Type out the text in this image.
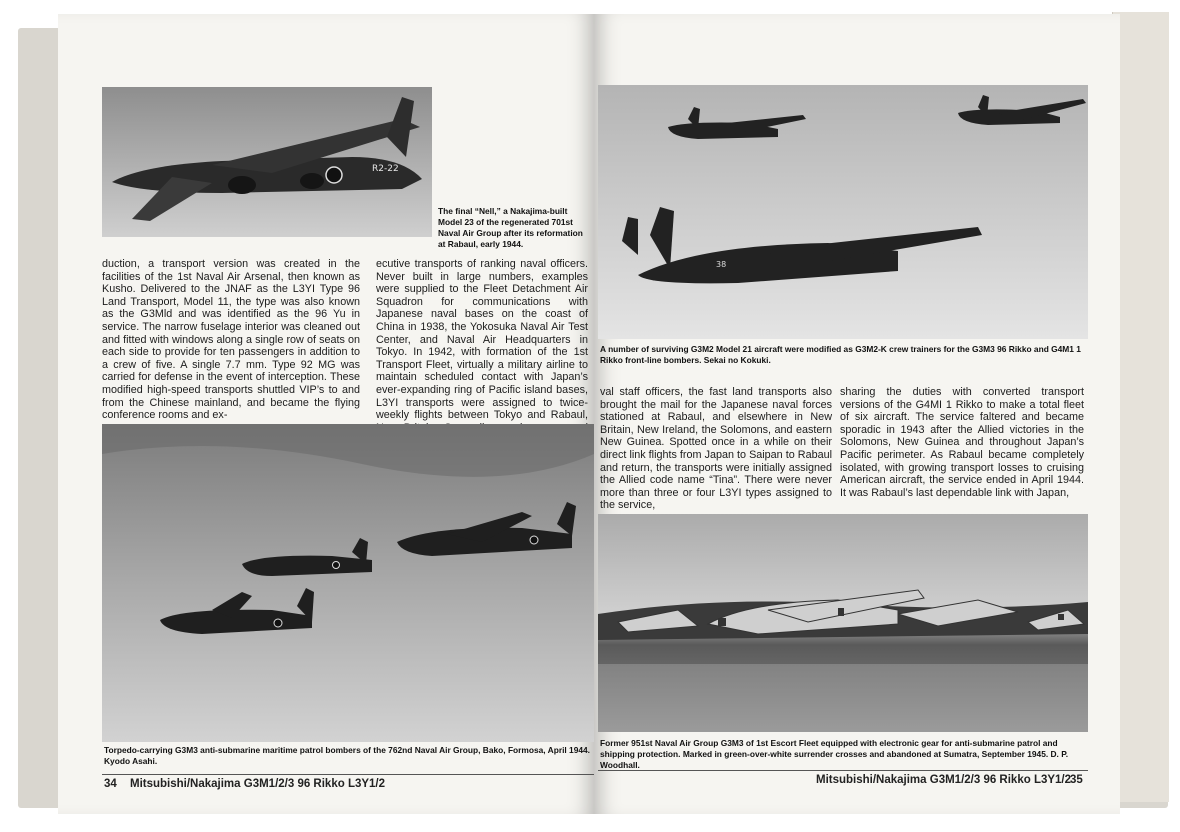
R2-22
The final “Nell,” a Nakajima-built Model 23 of the regenerated 701st Naval Air Group after its reformation at Rabaul, early 1944.
duction, a transport version was created in the facilities of the 1st Naval Air Arsenal, then known as Kusho. Delivered to the JNAF as the L3YI Type 96 Land Transport, Model 11, the type was also known as the G3Mld and was identified as the 96 Yu in service. The narrow fuselage interior was cleaned out and fitted with windows along a single row of seats on each side to provide for ten passengers in addition to a crew of five. A single 7.7 mm. Type 92 MG was carried for defense in the event of interception. These modified high-speed transports shuttled VIP’s to and from the Chinese mainland, and became the flying conference rooms and ex-
ecutive transports of ranking naval officers. Never built in large numbers, examples were supplied to the Fleet Detachment Air Squadron for communications with Japanese naval bases on the coast of China in 1938, the Yokosuka Naval Air Test Center, and Naval Air Headquarters in Tokyo. In 1942, with formation of the 1st Transport Fleet, virtually a military airline to maintain scheduled contact with Japan’s ever-expanding ring of Pacific island bases, L3YI transports were assigned to twice-weekly flights between Tokyo and Rabaul,
Torpedo-carrying G3M3 anti-submarine maritime patrol bombers of the 762nd Naval Air Group, Bako, Formosa, April 1944. Kyodo Asahi.
34 Mitsubishi/Nakajima G3M1/2/3 96 Rikko L3Y1/2
38
A number of surviving G3M2 Model 21 aircraft were modified as G3M2-K crew trainers for the G3M3 96 Rikko and G4M1 1 Rikko front-line bombers. Sekai no Kokuki.
val staff officers, the fast land transports also brought the mail for the Japanese naval forces stationed at Rabaul, and elsewhere in New Britain, New Ireland, the Solomons, and eastern New Guinea. Spotted once in a while on their direct link flights from Japan to Saipan to Rabaul and return, the transports were initially assigned the Allied code name “Tina”. There were never more than three or four L3YI types assigned to the service,
sharing the duties with converted transport versions of the G4MI 1 Rikko to make a total fleet of six aircraft. The service faltered and became sporadic in 1943 after the Allied victories in the Solomons, New Guinea and throughout Japan’s Pacific perimeter. As Rabaul became completely isolated, with growing transport losses to cruising American aircraft, the service ended in April 1944. It was Rabaul’s last dependable link with Japan,
Former 951st Naval Air Group G3M3 of 1st Escort Fleet equipped with electronic gear for anti-submarine patrol and shipping protection. Marked in green-over-white surrender crosses and abandoned at Sumatra, September 1945. D. P. Woodhall.
Mitsubishi/Nakajima G3M1/2/3 96 Rikko L3Y1/2
35
